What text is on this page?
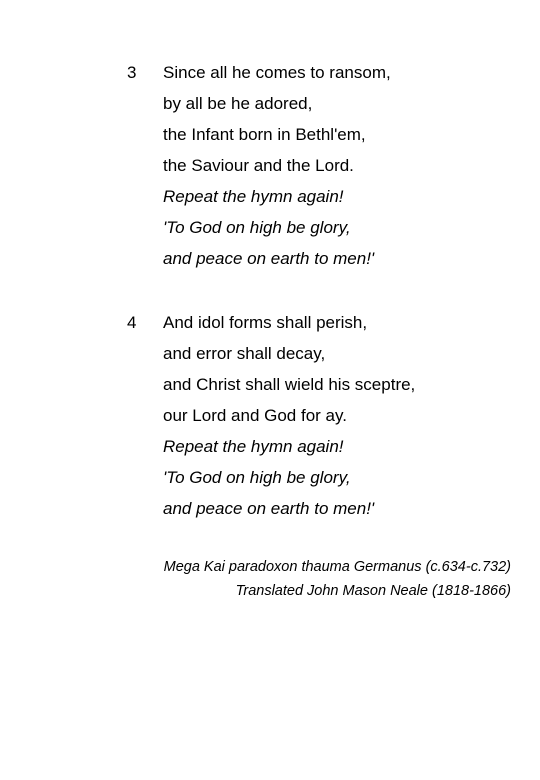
3 Since all he comes to ransom,
by all be he adored,
the Infant born in Bethl'em,
the Saviour and the Lord.
Repeat the hymn again!
'To God on high be glory,
and peace on earth to men!'
4 And idol forms shall perish,
and error shall decay,
and Christ shall wield his sceptre,
our Lord and God for ay.
Repeat the hymn again!
'To God on high be glory,
and peace on earth to men!'
Mega Kai paradoxon thauma Germanus (c.634-c.732)
Translated John Mason Neale (1818-1866)
